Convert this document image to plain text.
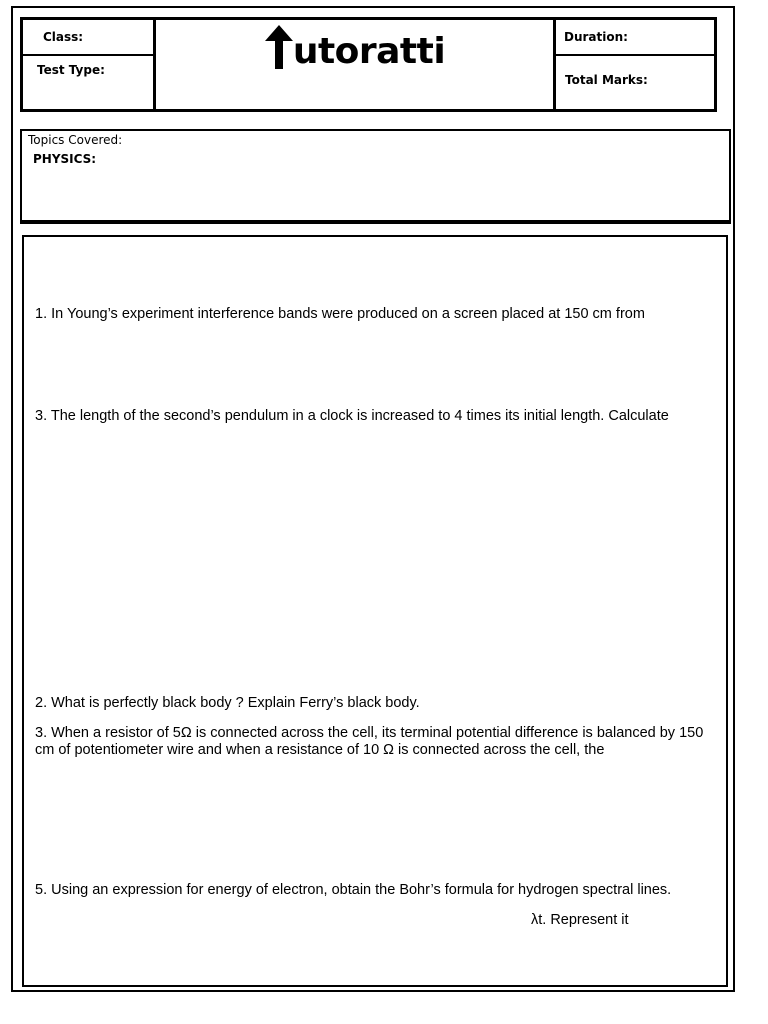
Class:
Test Type:
Duration:
Total Marks:
utoratti
Topics Covered:
PHYSICS:
1. In Young’s experiment interference bands were produced on a screen placed at 150 cm from
3. The length of the second’s pendulum in a clock is increased to 4 times its initial length. Calculate
2. What is perfectly black body ? Explain Ferry’s black body.
3. When a resistor of 5Ω is connected across the cell, its terminal potential difference is balanced by 150 cm of potentiometer wire and when a resistance of 10 Ω is connected across the cell, the
5. Using an expression for energy of electron, obtain the Bohr’s formula for hydrogen spectral lines.
λt. Represent it
